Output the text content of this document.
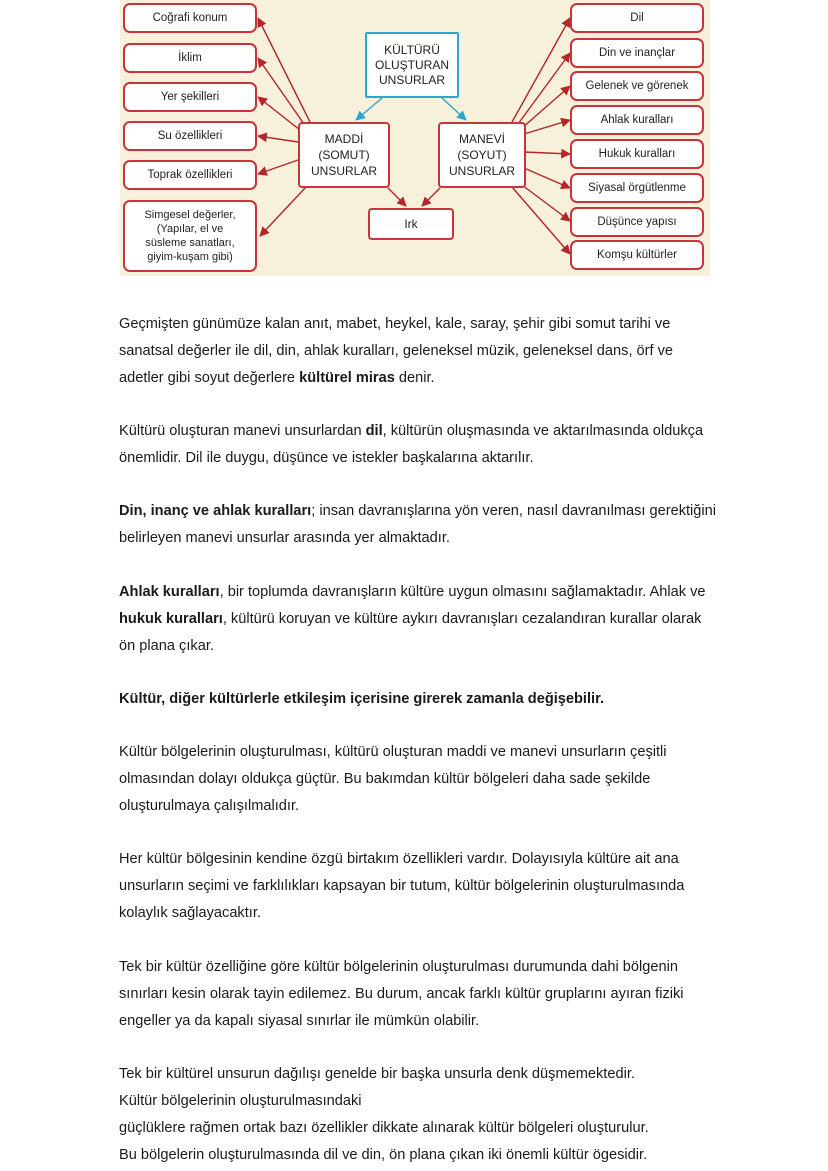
KÜLTÜRÜ OLUŞTURAN UNSURLAR
MADDİ (SOMUT) UNSURLAR
MANEVİ (SOYUT) UNSURLAR
Irk
Coğrafi konum
İklim
Yer şekilleri
Su özellikleri
Toprak özellikleri
Simgesel değerler, (Yapılar, el ve süsleme sanatları, giyim-kuşam gibi)
Dil
Din ve inançlar
Gelenek ve görenek
Ahlak kuralları
Hukuk kuralları
Siyasal örgütlenme
Düşünce yapısı
Komşu kültürler

Geçmişten günümüze kalan anıt, mabet, heykel, kale, saray, şehir gibi somut tarihi ve sanatsal değerler ile dil, din, ahlak kuralları, geleneksel müzik, geleneksel dans, örf ve adetler gibi soyut değerlere kültürel miras denir.

Kültürü oluşturan manevi unsurlardan dil, kültürün oluşmasında ve aktarılmasında oldukça önemlidir. Dil ile duygu, düşünce ve istekler başkalarına aktarılır.

Din, inanç ve ahlak kuralları; insan davranışlarına yön veren, nasıl davranılması gerektiğini belirleyen manevi unsurlar arasında yer almaktadır.

Ahlak kuralları, bir toplumda davranışların kültüre uygun olmasını sağlamaktadır. Ahlak ve hukuk kuralları, kültürü koruyan ve kültüre aykırı davranışları cezalandıran kurallar olarak ön plana çıkar.

Kültür, diğer kültürlerle etkileşim içerisine girerek zamanla değişebilir.

Kültür bölgelerinin oluşturulması, kültürü oluşturan maddi ve manevi unsurların çeşitli olmasından dolayı oldukça güçtür. Bu bakımdan kültür bölgeleri daha sade şekilde oluşturulmaya çalışılmalıdır.

Her kültür bölgesinin kendine özgü birtakım özellikleri vardır. Dolayısıyla kültüre ait ana unsurların seçimi ve farklılıkları kapsayan bir tutum, kültür bölgelerinin oluşturulmasında kolaylık sağlayacaktır.

Tek bir kültür özelliğine göre kültür bölgelerinin oluşturulması durumunda dahi bölgenin sınırları kesin olarak tayin edilemez. Bu durum, ancak farklı kültür gruplarını ayıran fiziki engeller ya da kapalı siyasal sınırlar ile mümkün olabilir.

Tek bir kültürel unsurun dağılışı genelde bir başka unsurla denk düşmemektedir.
Kültür bölgelerinin oluşturulmasındaki
güçlüklere rağmen ortak bazı özellikler dikkate alınarak kültür bölgeleri oluşturulur.
Bu bölgelerin oluşturulmasında dil ve din, ön plana çıkan iki önemli kültür ögesidir.
